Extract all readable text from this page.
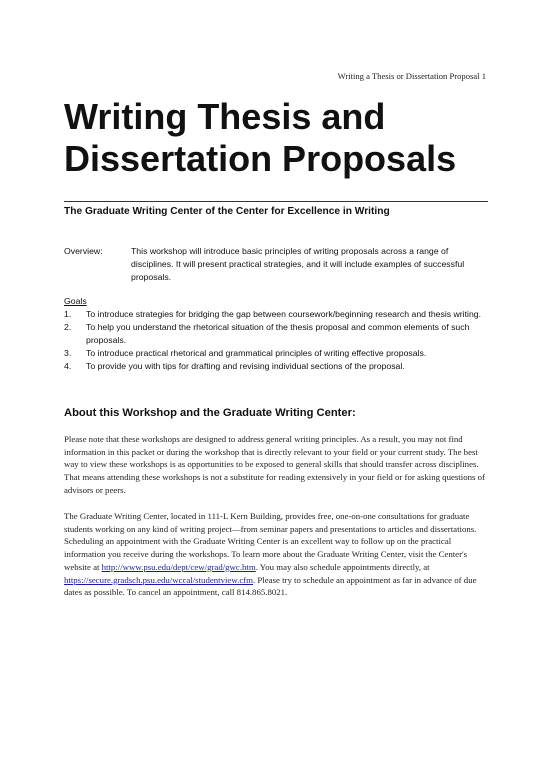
Writing a Thesis or Dissertation Proposal 1
Writing Thesis and
Dissertation Proposals
The Graduate Writing Center of the Center for Excellence in Writing
Overview:	This workshop will introduce basic principles of writing proposals across a range of disciplines. It will present practical strategies, and it will include examples of successful proposals.
Goals
1. To introduce strategies for bridging the gap between coursework/beginning research and thesis writing.
2. To help you understand the rhetorical situation of the thesis proposal and common elements of such proposals.
3. To introduce practical rhetorical and grammatical principles of writing effective proposals.
4. To provide you with tips for drafting and revising individual sections of the proposal.
About this Workshop and the Graduate Writing Center:

Please note that these workshops are designed to address general writing principles. As a result, you may not find information in this packet or during the workshop that is directly relevant to your field or your current study. The best way to view these workshops is as opportunities to be exposed to general skills that should transfer across disciplines. That means attending these workshops is not a substitute for reading extensively in your field or for asking questions of advisors or peers.

The Graduate Writing Center, located in 111-L Kern Building, provides free, one-on-one consultations for graduate students working on any kind of writing project—from seminar papers and presentations to articles and dissertations. Scheduling an appointment with the Graduate Writing Center is an excellent way to follow up on the practical information you receive during the workshops. To learn more about the Graduate Writing Center, visit the Center's website at http://www.psu.edu/dept/cew/grad/gwc.htm. You may also schedule appointments directly, at https://secure.gradsch.psu.edu/wccal/studentview.cfm. Please try to schedule an appointment as far in advance of due dates as possible. To cancel an appointment, call 814.865.8021.
